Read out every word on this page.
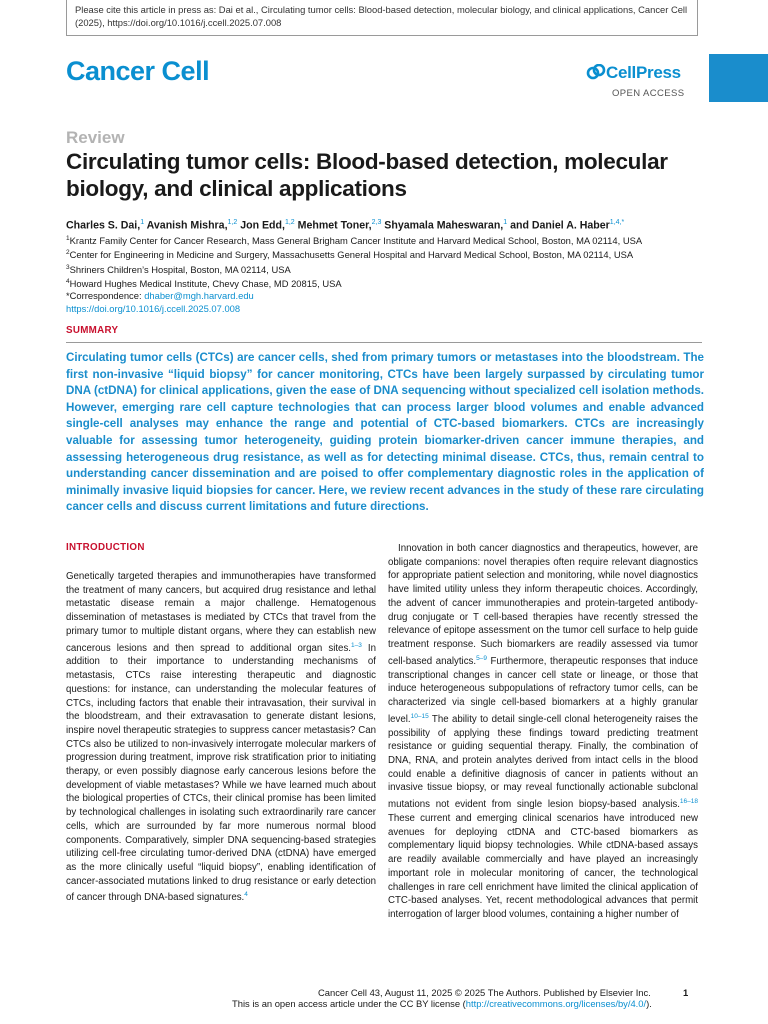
Please cite this article in press as: Dai et al., Circulating tumor cells: Blood-based detection, molecular biology, and clinical applications, Cancer Cell (2025), https://doi.org/10.1016/j.ccell.2025.07.008
Cancer Cell	CellPress
OPEN ACCESS
Review
Circulating tumor cells: Blood-based detection, molecular biology, and clinical applications
Charles S. Dai,$^1$ Avanish Mishra,$^{1,2}$ Jon Edd,$^{1,2}$ Mehmet Toner,$^{2,3}$ Shyamala Maheswaran,$^1$ and Daniel A. Haber$^{1,4,*}$
$^1$Krantz Family Center for Cancer Research, Mass General Brigham Cancer Institute and Harvard Medical School, Boston, MA 02114, USA
$^2$Center for Engineering in Medicine and Surgery, Massachusetts General Hospital and Harvard Medical School, Boston, MA 02114, USA
$^3$Shriners Children’s Hospital, Boston, MA 02114, USA
$^4$Howard Hughes Medical Institute, Chevy Chase, MD 20815, USA
*Correspondence: dhaber@mgh.harvard.edu
https://doi.org/10.1016/j.ccell.2025.07.008
SUMMARY
Circulating tumor cells (CTCs) are cancer cells, shed from primary tumors or metastases into the bloodstream. The first non-invasive “liquid biopsy” for cancer monitoring, CTCs have been largely surpassed by circulating tumor DNA (ctDNA) for clinical applications, given the ease of DNA sequencing without specialized cell isolation methods. However, emerging rare cell capture technologies that can process larger blood volumes and enable advanced single-cell analyses may enhance the range and potential of CTC-based biomarkers. CTCs are increasingly valuable for assessing tumor heterogeneity, guiding protein biomarker-driven cancer immune therapies, and assessing heterogeneous drug resistance, as well as for detecting minimal disease. CTCs, thus, remain central to understanding cancer dissemination and are poised to offer complementary diagnostic roles in the application of minimally invasive liquid biopsies for cancer. Here, we review recent advances in the study of these rare circulating cancer cells and discuss current limitations and future directions.
INTRODUCTION

Genetically targeted therapies and immunotherapies have transformed the treatment of many cancers, but acquired drug resistance and lethal metastatic disease remain a major challenge. Hematogenous dissemination of metastases is mediated by CTCs that travel from the primary tumor to multiple distant organs, where they can establish new cancerous lesions and then spread to additional organ sites.$^{1-3}$ In addition to their importance to understanding mechanisms of metastasis, CTCs raise interesting therapeutic and diagnostic questions: for instance, can understanding the molecular features of CTCs, including factors that enable their intravasation, their survival in the bloodstream, and their extravasation to generate distant lesions, inspire novel therapeutic strategies to suppress cancer metastasis? Can CTCs also be utilized to non-invasively interrogate molecular markers of progression during treatment, improve risk stratification prior to initiating therapy, or even possibly diagnose early cancerous lesions before the development of viable metastases? While we have learned much about the biological properties of CTCs, their clinical promise has been limited by technological challenges in isolating such extraordinarily rare cancer cells, which are surrounded by far more numerous normal blood components. Comparatively, simpler DNA sequencing-based strategies utilizing cell-free circulating tumor-derived DNA (ctDNA) have emerged as the more clinically useful “liquid biopsy”, enabling identification of cancer-associated mutations linked to drug resistance or early detection of cancer through DNA-based signatures.$^4$

Innovation in both cancer diagnostics and therapeutics, however, are obligate companions: novel therapies often require relevant diagnostics for appropriate patient selection and monitoring, while novel diagnostics have limited utility unless they inform therapeutic choices. Accordingly, the advent of cancer immunotherapies and protein-targeted antibody-drug conjugate or T cell-based therapies have recently stressed the relevance of epitope assessment on the tumor cell surface to help guide treatment response. Such biomarkers are readily assessed via tumor cell-based analytics.$^{5-9}$ Furthermore, therapeutic responses that induce transcriptional changes in cancer cell state or lineage, or those that induce heterogeneous subpopulations of refractory tumor cells, can be characterized via single cell-based biomarkers at a highly granular level.$^{10-15}$ The ability to detail single-cell clonal heterogeneity raises the possibility of applying these findings toward predicting treatment resistance or guiding sequential therapy. Finally, the combination of DNA, RNA, and protein analytes derived from intact cells in the blood could enable a definitive diagnosis of cancer in patients without an invasive tissue biopsy, or may reveal functionally actionable subclonal mutations not evident from single lesion biopsy-based analysis.$^{16-18}$ These current and emerging clinical scenarios have introduced new avenues for deploying ctDNA and CTC-based biomarkers as complementary liquid biopsy technologies. While ctDNA-based assays are readily available commercially and have played an increasingly important role in molecular monitoring of cancer, the technological challenges in rare cell enrichment have limited the clinical application of CTC-based analyses. Yet, recent methodological advances that permit interrogation of larger blood volumes, containing a higher number of

Cancer Cell 43, August 11, 2025 © 2025 The Authors. Published by Elsevier Inc.	1
This is an open access article under the CC BY license (http://creativecommons.org/licenses/by/4.0/).
